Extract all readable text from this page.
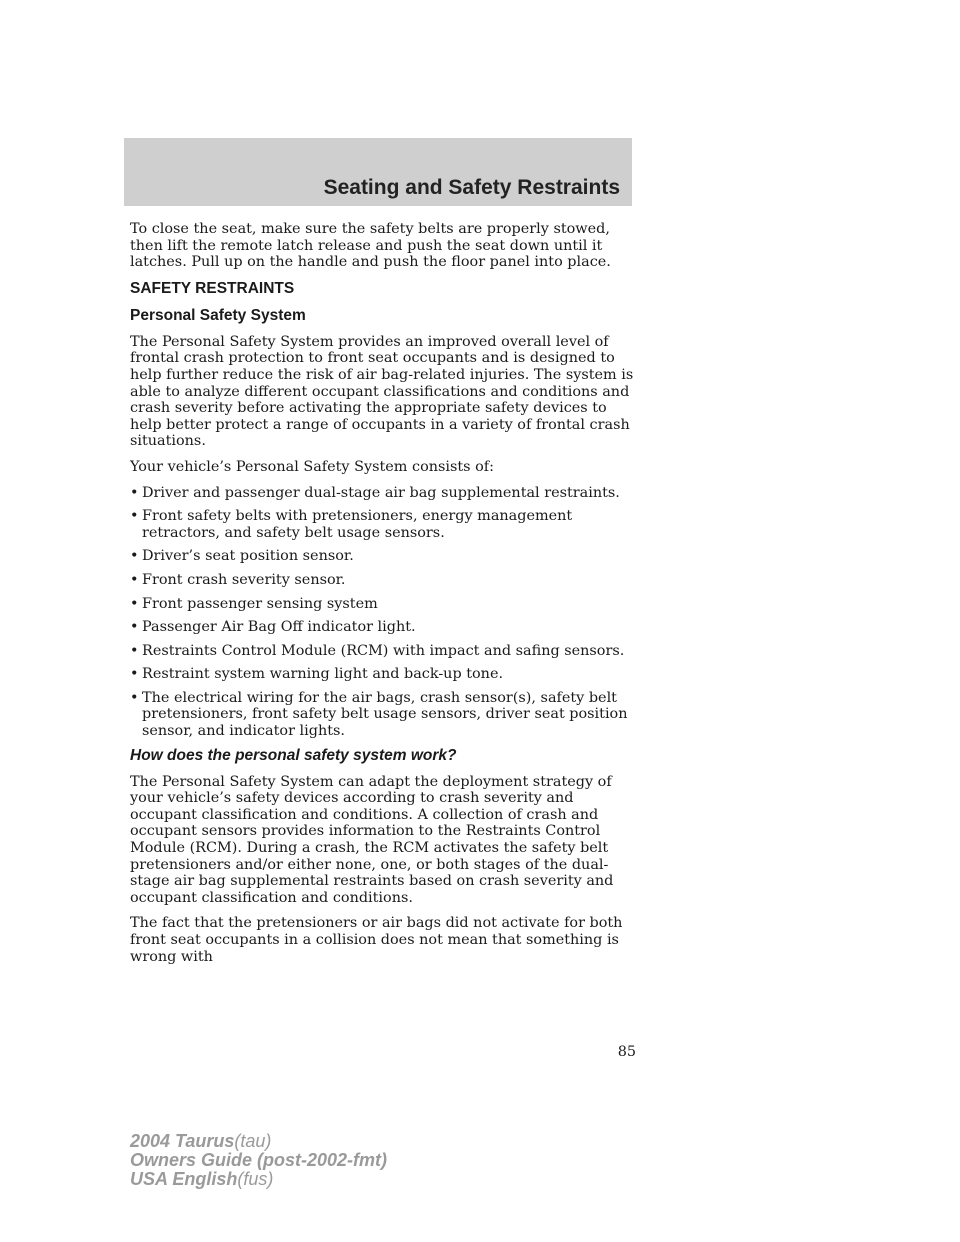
Seating and Safety Restraints

To close the seat, make sure the safety belts are properly stowed, then lift the remote latch release and push the seat down until it latches. Pull up on the handle and push the floor panel into place.

SAFETY RESTRAINTS
Personal Safety System

The Personal Safety System provides an improved overall level of frontal crash protection to front seat occupants and is designed to help further reduce the risk of air bag-related injuries. The system is able to analyze different occupant classifications and conditions and crash severity before activating the appropriate safety devices to help better protect a range of occupants in a variety of frontal crash situations.

Your vehicle’s Personal Safety System consists of:

• Driver and passenger dual-stage air bag supplemental restraints.
• Front safety belts with pretensioners, energy management retractors, and safety belt usage sensors.
• Driver’s seat position sensor.
• Front crash severity sensor.
• Front passenger sensing system
• Passenger Air Bag Off indicator light.
• Restraints Control Module (RCM) with impact and safing sensors.
• Restraint system warning light and back-up tone.
• The electrical wiring for the air bags, crash sensor(s), safety belt pretensioners, front safety belt usage sensors, driver seat position sensor, and indicator lights.
How does the personal safety system work?

The Personal Safety System can adapt the deployment strategy of your vehicle’s safety devices according to crash severity and occupant classification and conditions. A collection of crash and occupant sensors provides information to the Restraints Control Module (RCM). During a crash, the RCM activates the safety belt pretensioners and/or either none, one, or both stages of the dual-stage air bag supplemental restraints based on crash severity and occupant classification and conditions.

The fact that the pretensioners or air bags did not activate for both front seat occupants in a collision does not mean that something is wrong with

85
2004 Taurus(tau)
Owners Guide (post-2002-fmt)
USA English(fus)
